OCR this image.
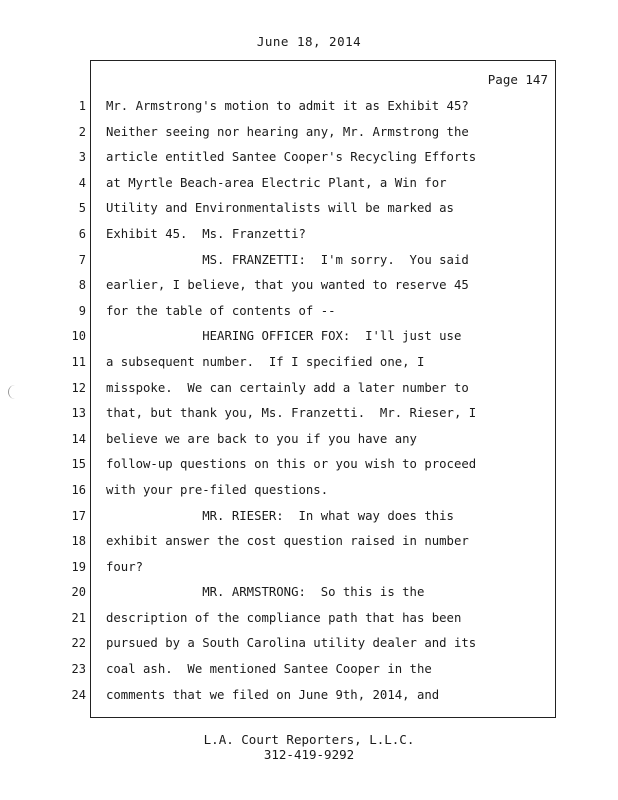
June 18, 2014
Page 147
1
2
3
4
5
6
7
8
9
10
11
12
13
14
15
16
17
18
19
20
21
22
23
24
Mr. Armstrong's motion to admit it as Exhibit 45?
Neither seeing nor hearing any, Mr. Armstrong the
article entitled Santee Cooper's Recycling Efforts
at Myrtle Beach-area Electric Plant, a Win for
Utility and Environmentalists will be marked as
Exhibit 45.  Ms. Franzetti?
MS. FRANZETTI:  I'm sorry.  You said
earlier, I believe, that you wanted to reserve 45
for the table of contents of --
HEARING OFFICER FOX:  I'll just use
a subsequent number.  If I specified one, I
misspoke.  We can certainly add a later number to
that, but thank you, Ms. Franzetti.  Mr. Rieser, I
believe we are back to you if you have any
follow-up questions on this or you wish to proceed
with your pre-filed questions.
MR. RIESER:  In what way does this
exhibit answer the cost question raised in number
four?
MR. ARMSTRONG:  So this is the
description of the compliance path that has been
pursued by a South Carolina utility dealer and its
coal ash.  We mentioned Santee Cooper in the
comments that we filed on June 9th, 2014, and
L.A. Court Reporters, L.L.C.
312-419-9292
